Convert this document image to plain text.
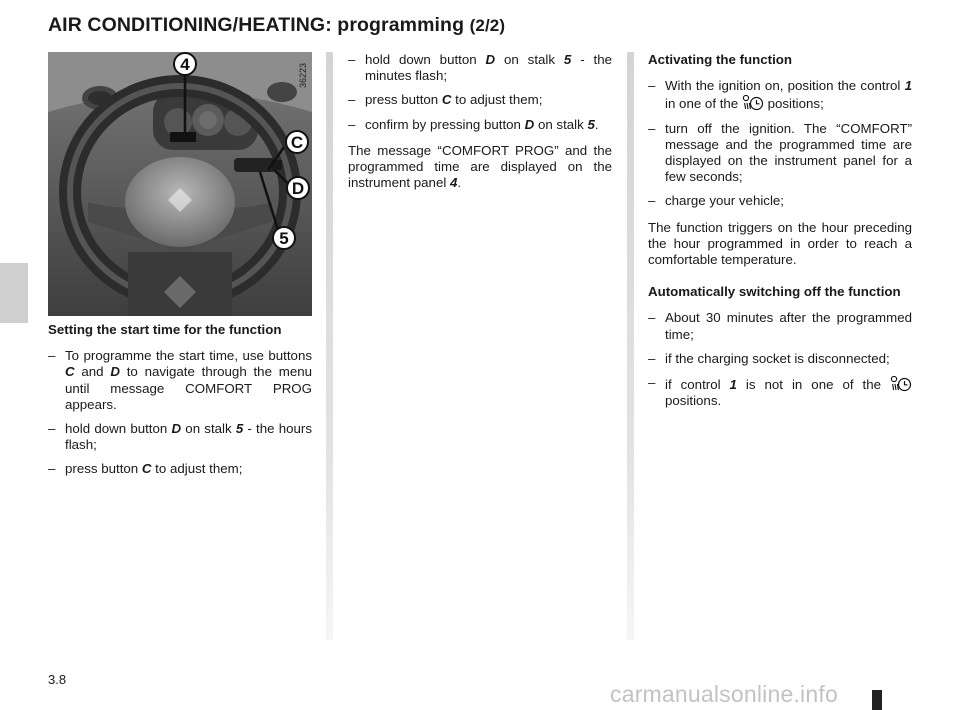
AIR CONDITIONING/HEATING: programming (2/2)
4
C
D
5
36223

Setting the start time for the function

– To programme the start time, use buttons C and D to navigate through the menu until message COMFORT PROG appears.

– hold down button D on stalk 5 - the hours flash;

– press button C to adjust them;

– hold down button D on stalk 5 - the minutes flash;

– press button C to adjust them;

– confirm by pressing button D on stalk 5.

The message “COMFORT PROG” and the programmed time are displayed on the instrument panel 4.

Activating the function

– With the ignition on, position the control 1 in one of the  positions;

– turn off the ignition. The “COMFORT” message and the programmed time are displayed on the instrument panel for a few seconds;

– charge your vehicle;

The function triggers on the hour preceding the hour programmed in order to reach a comfortable temperature.

Automatically switching off the function

– About 30 minutes after the programmed time;

– if the charging socket is disconnected;

– if control 1 is not in one of the  positions.

3.8
carmanualsonline.info
